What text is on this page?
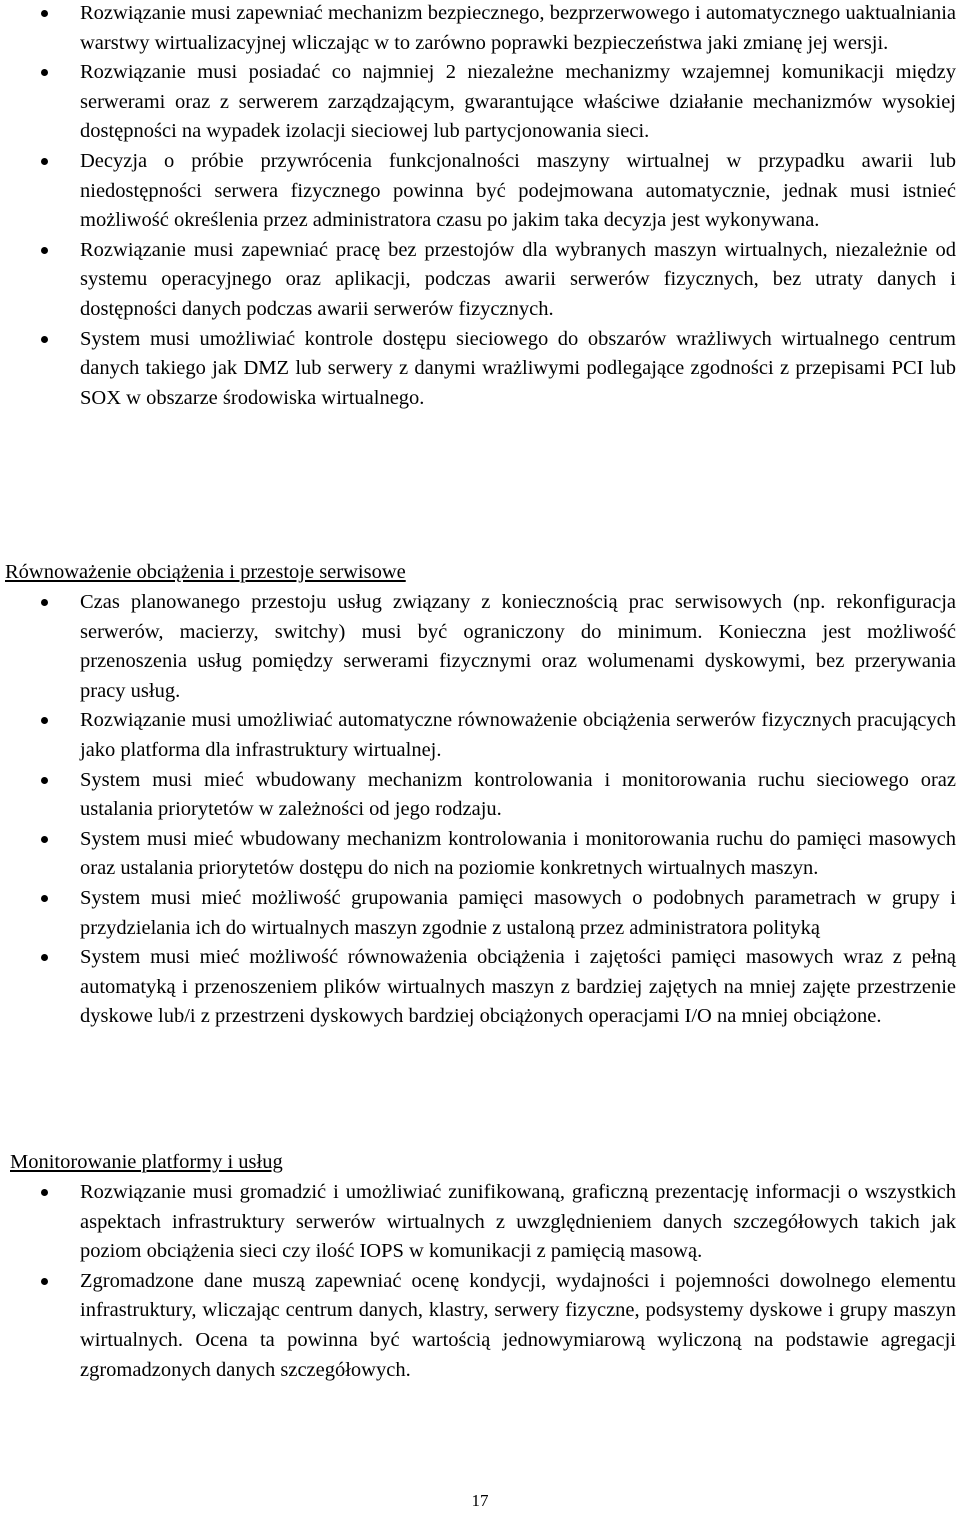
Rozwiązanie musi zapewniać mechanizm bezpiecznego, bezprzerwowego i automatycznego uaktualniania warstwy wirtualizacyjnej wliczając w to zarówno poprawki bezpieczeństwa jaki zmianę jej wersji.
Rozwiązanie musi posiadać co najmniej 2 niezależne mechanizmy wzajemnej komunikacji między serwerami oraz z serwerem zarządzającym, gwarantujące właściwe działanie mechanizmów wysokiej dostępności na wypadek izolacji sieciowej lub partycjonowania sieci.
Decyzja o próbie przywrócenia funkcjonalności maszyny wirtualnej w przypadku awarii lub niedostępności serwera fizycznego powinna być podejmowana automatycznie, jednak musi istnieć możliwość określenia przez administratora czasu po jakim taka decyzja jest wykonywana.
Rozwiązanie musi zapewniać pracę bez przestojów dla wybranych maszyn wirtualnych, niezależnie od systemu operacyjnego oraz aplikacji, podczas awarii serwerów fizycznych, bez utraty danych i dostępności danych podczas awarii serwerów fizycznych.
System musi umożliwiać kontrole dostępu sieciowego do obszarów wrażliwych wirtualnego centrum danych takiego jak DMZ lub serwery z danymi wrażliwymi podlegające zgodności z przepisami PCI lub SOX w obszarze środowiska wirtualnego.
Równoważenie obciążenia i przestoje serwisowe
Czas planowanego przestoju usług związany z koniecznością prac serwisowych (np. rekonfiguracja serwerów, macierzy, switchy) musi być ograniczony do minimum. Konieczna jest możliwość przenoszenia usług pomiędzy serwerami fizycznymi oraz wolumenami dyskowymi, bez przerywania pracy usług.
Rozwiązanie musi umożliwiać automatyczne równoważenie obciążenia serwerów fizycznych pracujących jako platforma dla infrastruktury wirtualnej.
System musi mieć wbudowany mechanizm kontrolowania i monitorowania ruchu sieciowego oraz ustalania priorytetów w zależności od jego rodzaju.
System musi mieć wbudowany mechanizm kontrolowania i monitorowania ruchu do pamięci masowych oraz ustalania priorytetów dostępu do nich na poziomie konkretnych wirtualnych maszyn.
System musi mieć możliwość grupowania pamięci masowych o podobnych parametrach w grupy i przydzielania ich do wirtualnych maszyn zgodnie z ustaloną przez administratora polityką
System musi mieć możliwość równoważenia obciążenia i zajętości pamięci masowych wraz z pełną automatyką i przenoszeniem plików wirtualnych maszyn z bardziej zajętych na mniej zajęte przestrzenie dyskowe lub/i z przestrzeni dyskowych bardziej obciążonych operacjami I/O na mniej obciążone.
Monitorowanie platformy i usług
Rozwiązanie musi gromadzić i umożliwiać zunifikowaną, graficzną prezentację informacji o wszystkich aspektach infrastruktury serwerów wirtualnych z uwzględnieniem danych szczegółowych takich jak poziom obciążenia sieci czy ilość IOPS w komunikacji z pamięcią masową.
Zgromadzone dane muszą zapewniać ocenę kondycji, wydajności i pojemności dowolnego elementu infrastruktury, wliczając centrum danych, klastry, serwery fizyczne, podsystemy dyskowe i grupy maszyn wirtualnych. Ocena ta powinna być wartością jednowymiarową wyliczoną na podstawie agregacji zgromadzonych danych szczegółowych.
17
